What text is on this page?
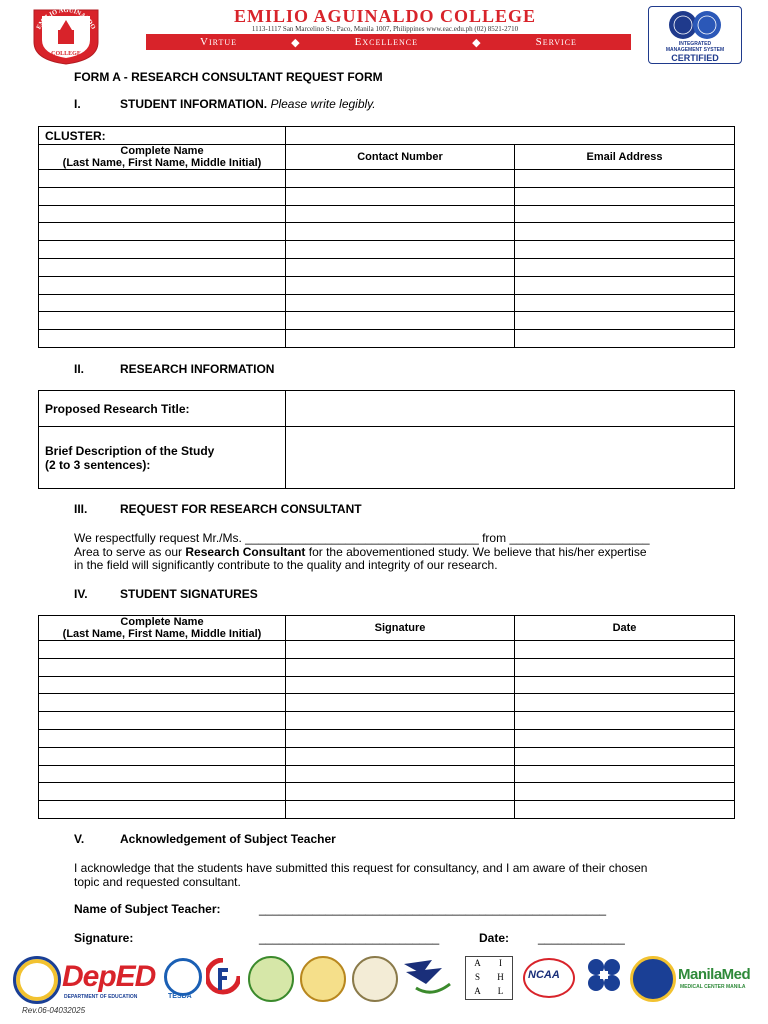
EMILIO AGUINALDO
COLLEGE
EMILIO AGUINALDO COLLEGE
1113-1117 San Marcelino St., Paco, Manila 1007, Philippines www.eac.edu.ph (02) 8521-2710
Virtue	◆	Excellence	◆	Service	INTEGRATED
MANAGEMENT SYSTEM
CERTIFIED
FORM A - RESEARCH CONSULTANT REQUEST FORM
I.	STUDENT INFORMATION. Please write legibly.
CLUSTER:		

Complete Name
(Last Name, First Name, Middle Initial)	Contact Number	Email Address

II.	RESEARCH INFORMATION
Proposed Research Title:	

Brief Description of the Study
(2 to 3 sentences):	

III.	REQUEST FOR RESEARCH CONSULTANT
We respectfully request Mr./Ms. ___________________________________ from _____________________
Area to serve as our Research Consultant for the abovementioned study. We believe that his/her expertise
in the field will significantly contribute to the quality and integrity of our research.
IV.	STUDENT SIGNATURES
Complete Name
(Last Name, First Name, Middle Initial)	Signature	Date

V.	Acknowledgement of Subject Teacher
I acknowledge that the students have submitted this request for consultancy, and I am aware of their chosen
topic and requested consultant.
Name of Subject Teacher:	____________________________________________________
Signature:	___________________________	Date: _____________
DepED
DEPARTMENT OF EDUCATION	TESDA
A	I
S	H
A	L
NCAA	ManilaMed
MEDICAL CENTER MANILA
Rev.06-04032025
